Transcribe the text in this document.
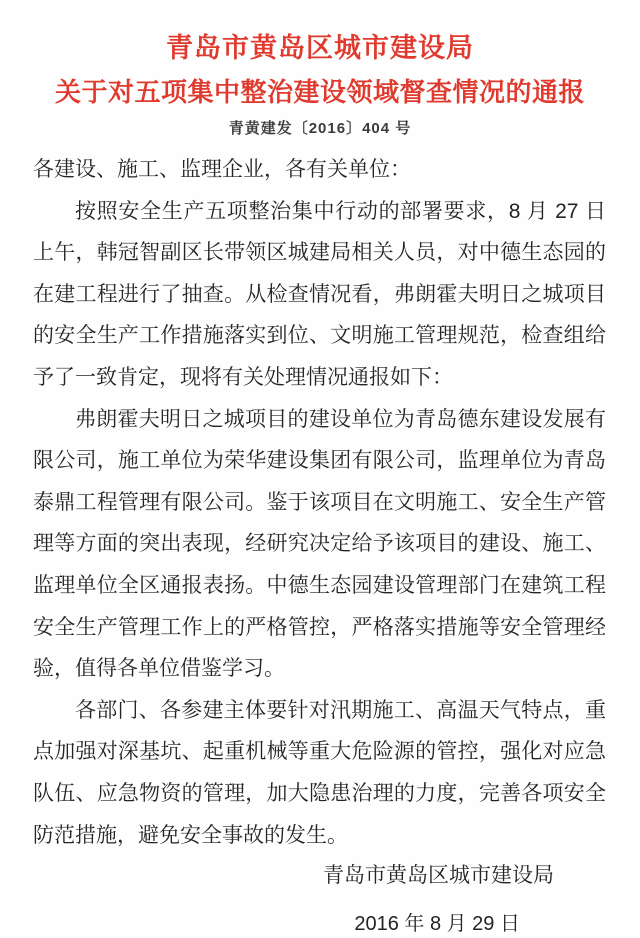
青岛市黄岛区城市建设局
关于对五项集中整治建设领域督查情况的通报
青黄建发〔2016〕404 号

各建设、施工、监理企业，各有关单位：

按照安全生产五项整治集中行动的部署要求，8 月 27 日上午，韩冠智副区长带领区城建局相关人员，对中德生态园的在建工程进行了抽查。从检查情况看，弗朗霍夫明日之城项目的安全生产工作措施落实到位、文明施工管理规范，检查组给予了一致肯定，现将有关处理情况通报如下：

弗朗霍夫明日之城项目的建设单位为青岛德东建设发展有限公司，施工单位为荣华建设集团有限公司，监理单位为青岛泰鼎工程管理有限公司。鉴于该项目在文明施工、安全生产管理等方面的突出表现，经研究决定给予该项目的建设、施工、监理单位全区通报表扬。中德生态园建设管理部门在建筑工程安全生产管理工作上的严格管控，严格落实措施等安全管理经验，值得各单位借鉴学习。

各部门、各参建主体要针对汛期施工、高温天气特点，重点加强对深基坑、起重机械等重大危险源的管控，强化对应急队伍、应急物资的管理，加大隐患治理的力度，完善各项安全防范措施，避免安全事故的发生。

青岛市黄岛区城市建设局
2016 年 8 月 29 日
